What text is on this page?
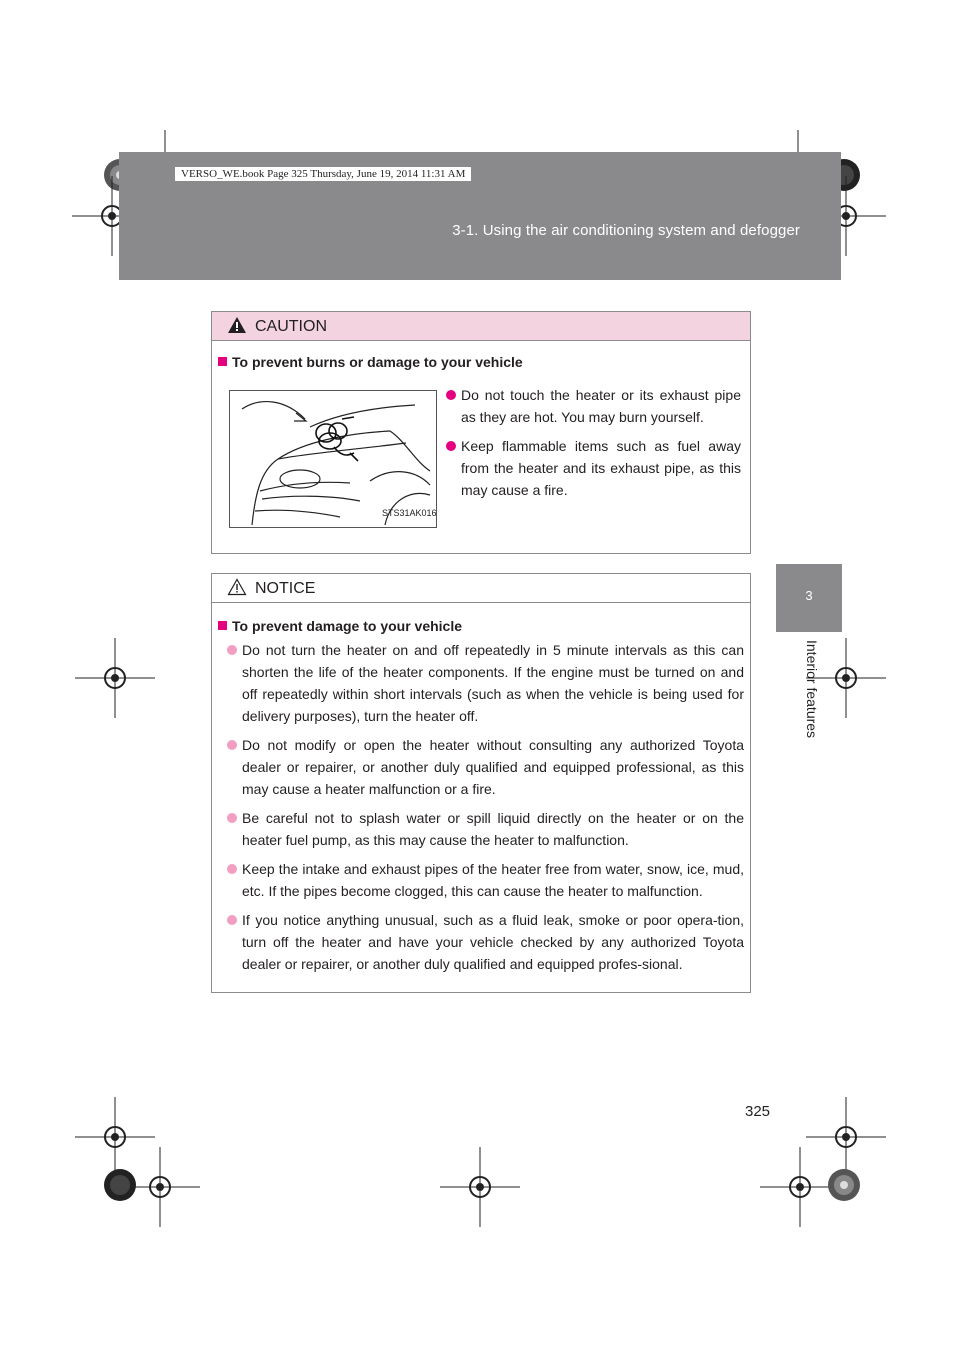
VERSO_WE.book Page 325 Thursday, June 19, 2014 11:31 AM
3-1. Using the air conditioning system and defogger
3
Interior features
CAUTION
To prevent burns or damage to your vehicle
STS31AK016
Do not touch the heater or its exhaust pipe as they are hot. You may burn yourself.
Keep flammable items such as fuel away from the heater and its exhaust pipe, as this may cause a fire.
NOTICE
To prevent damage to your vehicle
Do not turn the heater on and off repeatedly in 5 minute intervals as this can shorten the life of the heater components. If the engine must be turned on and off repeatedly within short intervals (such as when the vehicle is being used for delivery purposes), turn the heater off.
Do not modify or open the heater without consulting any authorized Toyota dealer or repairer, or another duly qualified and equipped professional, as this may cause a heater malfunction or a fire.
Be careful not to splash water or spill liquid directly on the heater or on the heater fuel pump, as this may cause the heater to malfunction.
Keep the intake and exhaust pipes of the heater free from water, snow, ice, mud, etc. If the pipes become clogged, this can cause the heater to malfunction.
If you notice anything unusual, such as a fluid leak, smoke or poor opera-tion, turn off the heater and have your vehicle checked by any authorized Toyota dealer or repairer, or another duly qualified and equipped profes-sional.
325
